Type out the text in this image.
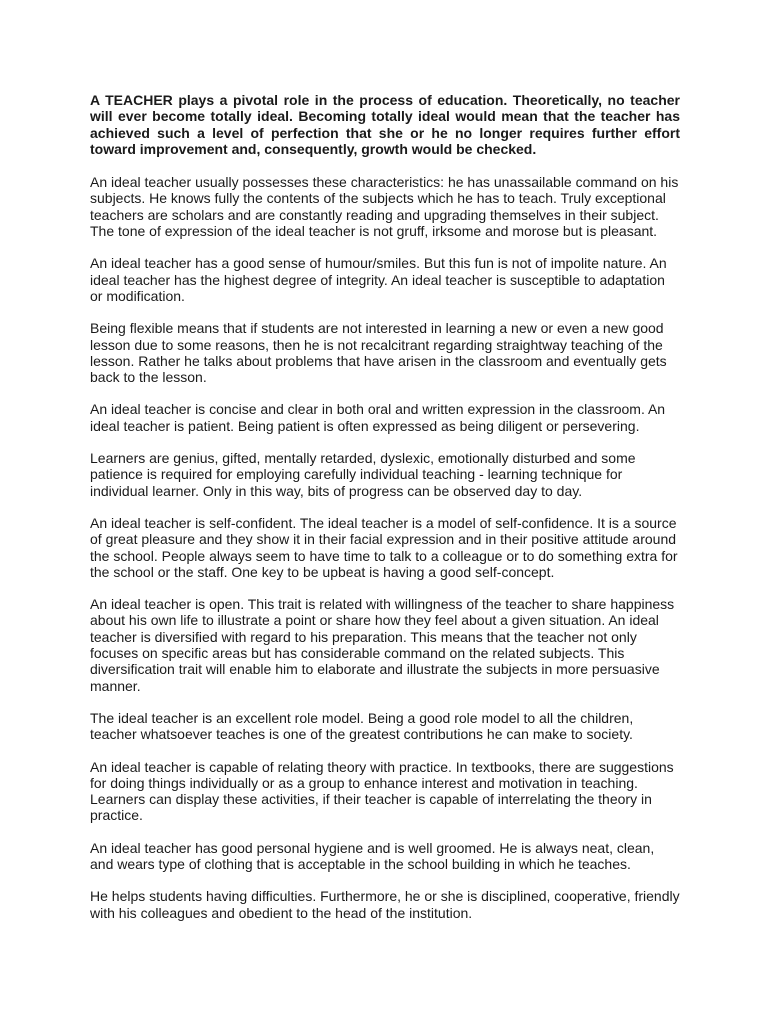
A TEACHER plays a pivotal role in the process of education. Theoretically, no teacher will ever become totally ideal. Becoming totally ideal would mean that the teacher has achieved such a level of perfection that she or he no longer requires further effort toward improvement and, consequently, growth would be checked.

An ideal teacher usually possesses these characteristics: he has unassailable command on his subjects. He knows fully the contents of the subjects which he has to teach. Truly exceptional teachers are scholars and are constantly reading and upgrading themselves in their subject. The tone of expression of the ideal teacher is not gruff, irksome and morose but is pleasant.

An ideal teacher has a good sense of humour/smiles. But this fun is not of impolite nature. An ideal teacher has the highest degree of integrity. An ideal teacher is susceptible to adaptation or modification.

Being flexible means that if students are not interested in learning a new or even a new good lesson due to some reasons, then he is not recalcitrant regarding straightway teaching of the lesson. Rather he talks about problems that have arisen in the classroom and eventually gets back to the lesson.

An ideal teacher is concise and clear in both oral and written expression in the classroom. An ideal teacher is patient. Being patient is often expressed as being diligent or persevering.

Learners are genius, gifted, mentally retarded, dyslexic, emotionally disturbed and some patience is required for employing carefully individual teaching - learning technique for individual learner. Only in this way, bits of progress can be observed day to day.

An ideal teacher is self-confident. The ideal teacher is a model of self-confidence. It is a source of great pleasure and they show it in their facial expression and in their positive attitude around the school. People always seem to have time to talk to a colleague or to do something extra for the school or the staff. One key to be upbeat is having a good self-concept.

An ideal teacher is open. This trait is related with willingness of the teacher to share happiness about his own life to illustrate a point or share how they feel about a given situation. An ideal teacher is diversified with regard to his preparation. This means that the teacher not only focuses on specific areas but has considerable command on the related subjects. This diversification trait will enable him to elaborate and illustrate the subjects in more persuasive manner.

The ideal teacher is an excellent role model. Being a good role model to all the children, teacher whatsoever teaches is one of the greatest contributions he can make to society.

An ideal teacher is capable of relating theory with practice. In textbooks, there are suggestions for doing things individually or as a group to enhance interest and motivation in teaching. Learners can display these activities, if their teacher is capable of interrelating the theory in practice.

An ideal teacher has good personal hygiene and is well groomed. He is always neat, clean, and wears type of clothing that is acceptable in the school building in which he teaches.

He helps students having difficulties. Furthermore, he or she is disciplined, cooperative, friendly with his colleagues and obedient to the head of the institution.
